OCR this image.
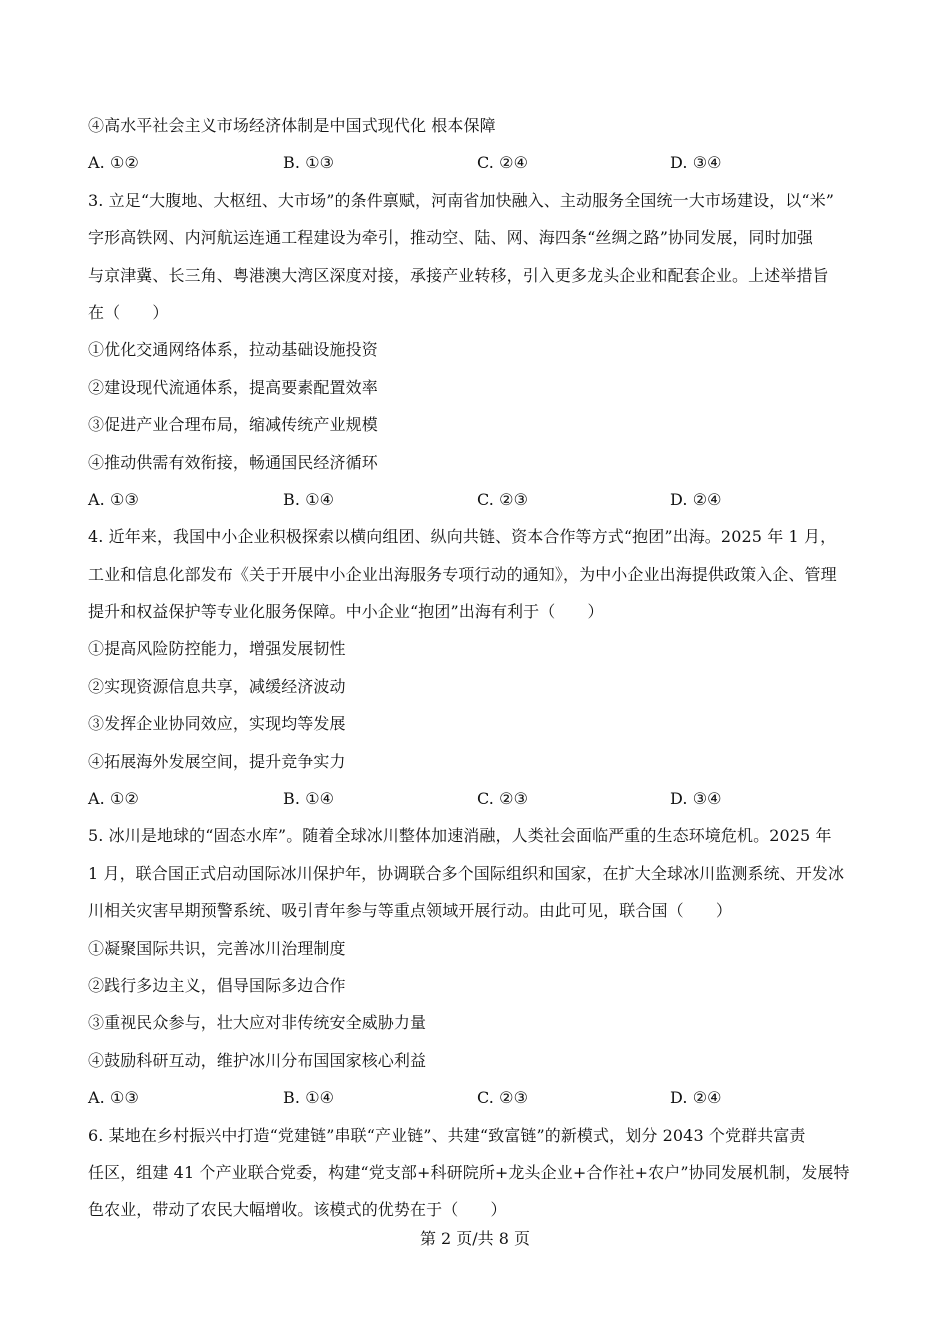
④高水平社会主义市场经济体制是中国式现代化 根本保障
A. ①②	B. ①③	C. ②④	D. ③④
3. 立足“大腹地、大枢纽、大市场”的条件禀赋，河南省加快融入、主动服务全国统一大市场建设，以“米”
字形高铁网、内河航运连通工程建设为牵引，推动空、陆、网、海四条“丝绸之路”协同发展，同时加强
与京津冀、长三角、粤港澳大湾区深度对接，承接产业转移，引入更多龙头企业和配套企业。上述举措旨
在（　　）
①优化交通网络体系，拉动基础设施投资
②建设现代流通体系，提高要素配置效率
③促进产业合理布局，缩减传统产业规模
④推动供需有效衔接，畅通国民经济循环
A. ①③	B. ①④	C. ②③	D. ②④
4. 近年来，我国中小企业积极探索以横向组团、纵向共链、资本合作等方式“抱团”出海。2025 年 1 月，
工业和信息化部发布《关于开展中小企业出海服务专项行动的通知》，为中小企业出海提供政策入企、管理
提升和权益保护等专业化服务保障。中小企业“抱团”出海有利于（　　）
①提高风险防控能力，增强发展韧性
②实现资源信息共享，减缓经济波动
③发挥企业协同效应，实现均等发展
④拓展海外发展空间，提升竞争实力
A. ①②	B. ①④	C. ②③	D. ③④
5. 冰川是地球的“固态水库”。随着全球冰川整体加速消融，人类社会面临严重的生态环境危机。2025 年
1 月，联合国正式启动国际冰川保护年，协调联合多个国际组织和国家，在扩大全球冰川监测系统、开发冰
川相关灾害早期预警系统、吸引青年参与等重点领域开展行动。由此可见，联合国（　　）
①凝聚国际共识，完善冰川治理制度
②践行多边主义，倡导国际多边合作
③重视民众参与，壮大应对非传统安全威胁力量
④鼓励科研互动，维护冰川分布国国家核心利益
A. ①③	B. ①④	C. ②③	D. ②④
6. 某地在乡村振兴中打造“党建链”串联“产业链”、共建“致富链”的新模式，划分 2043 个党群共富责
任区，组建 41 个产业联合党委，构建“党支部+科研院所+龙头企业+合作社+农户”协同发展机制，发展特
色农业，带动了农民大幅增收。该模式的优势在于（　　）
第 2 页/共 8 页
